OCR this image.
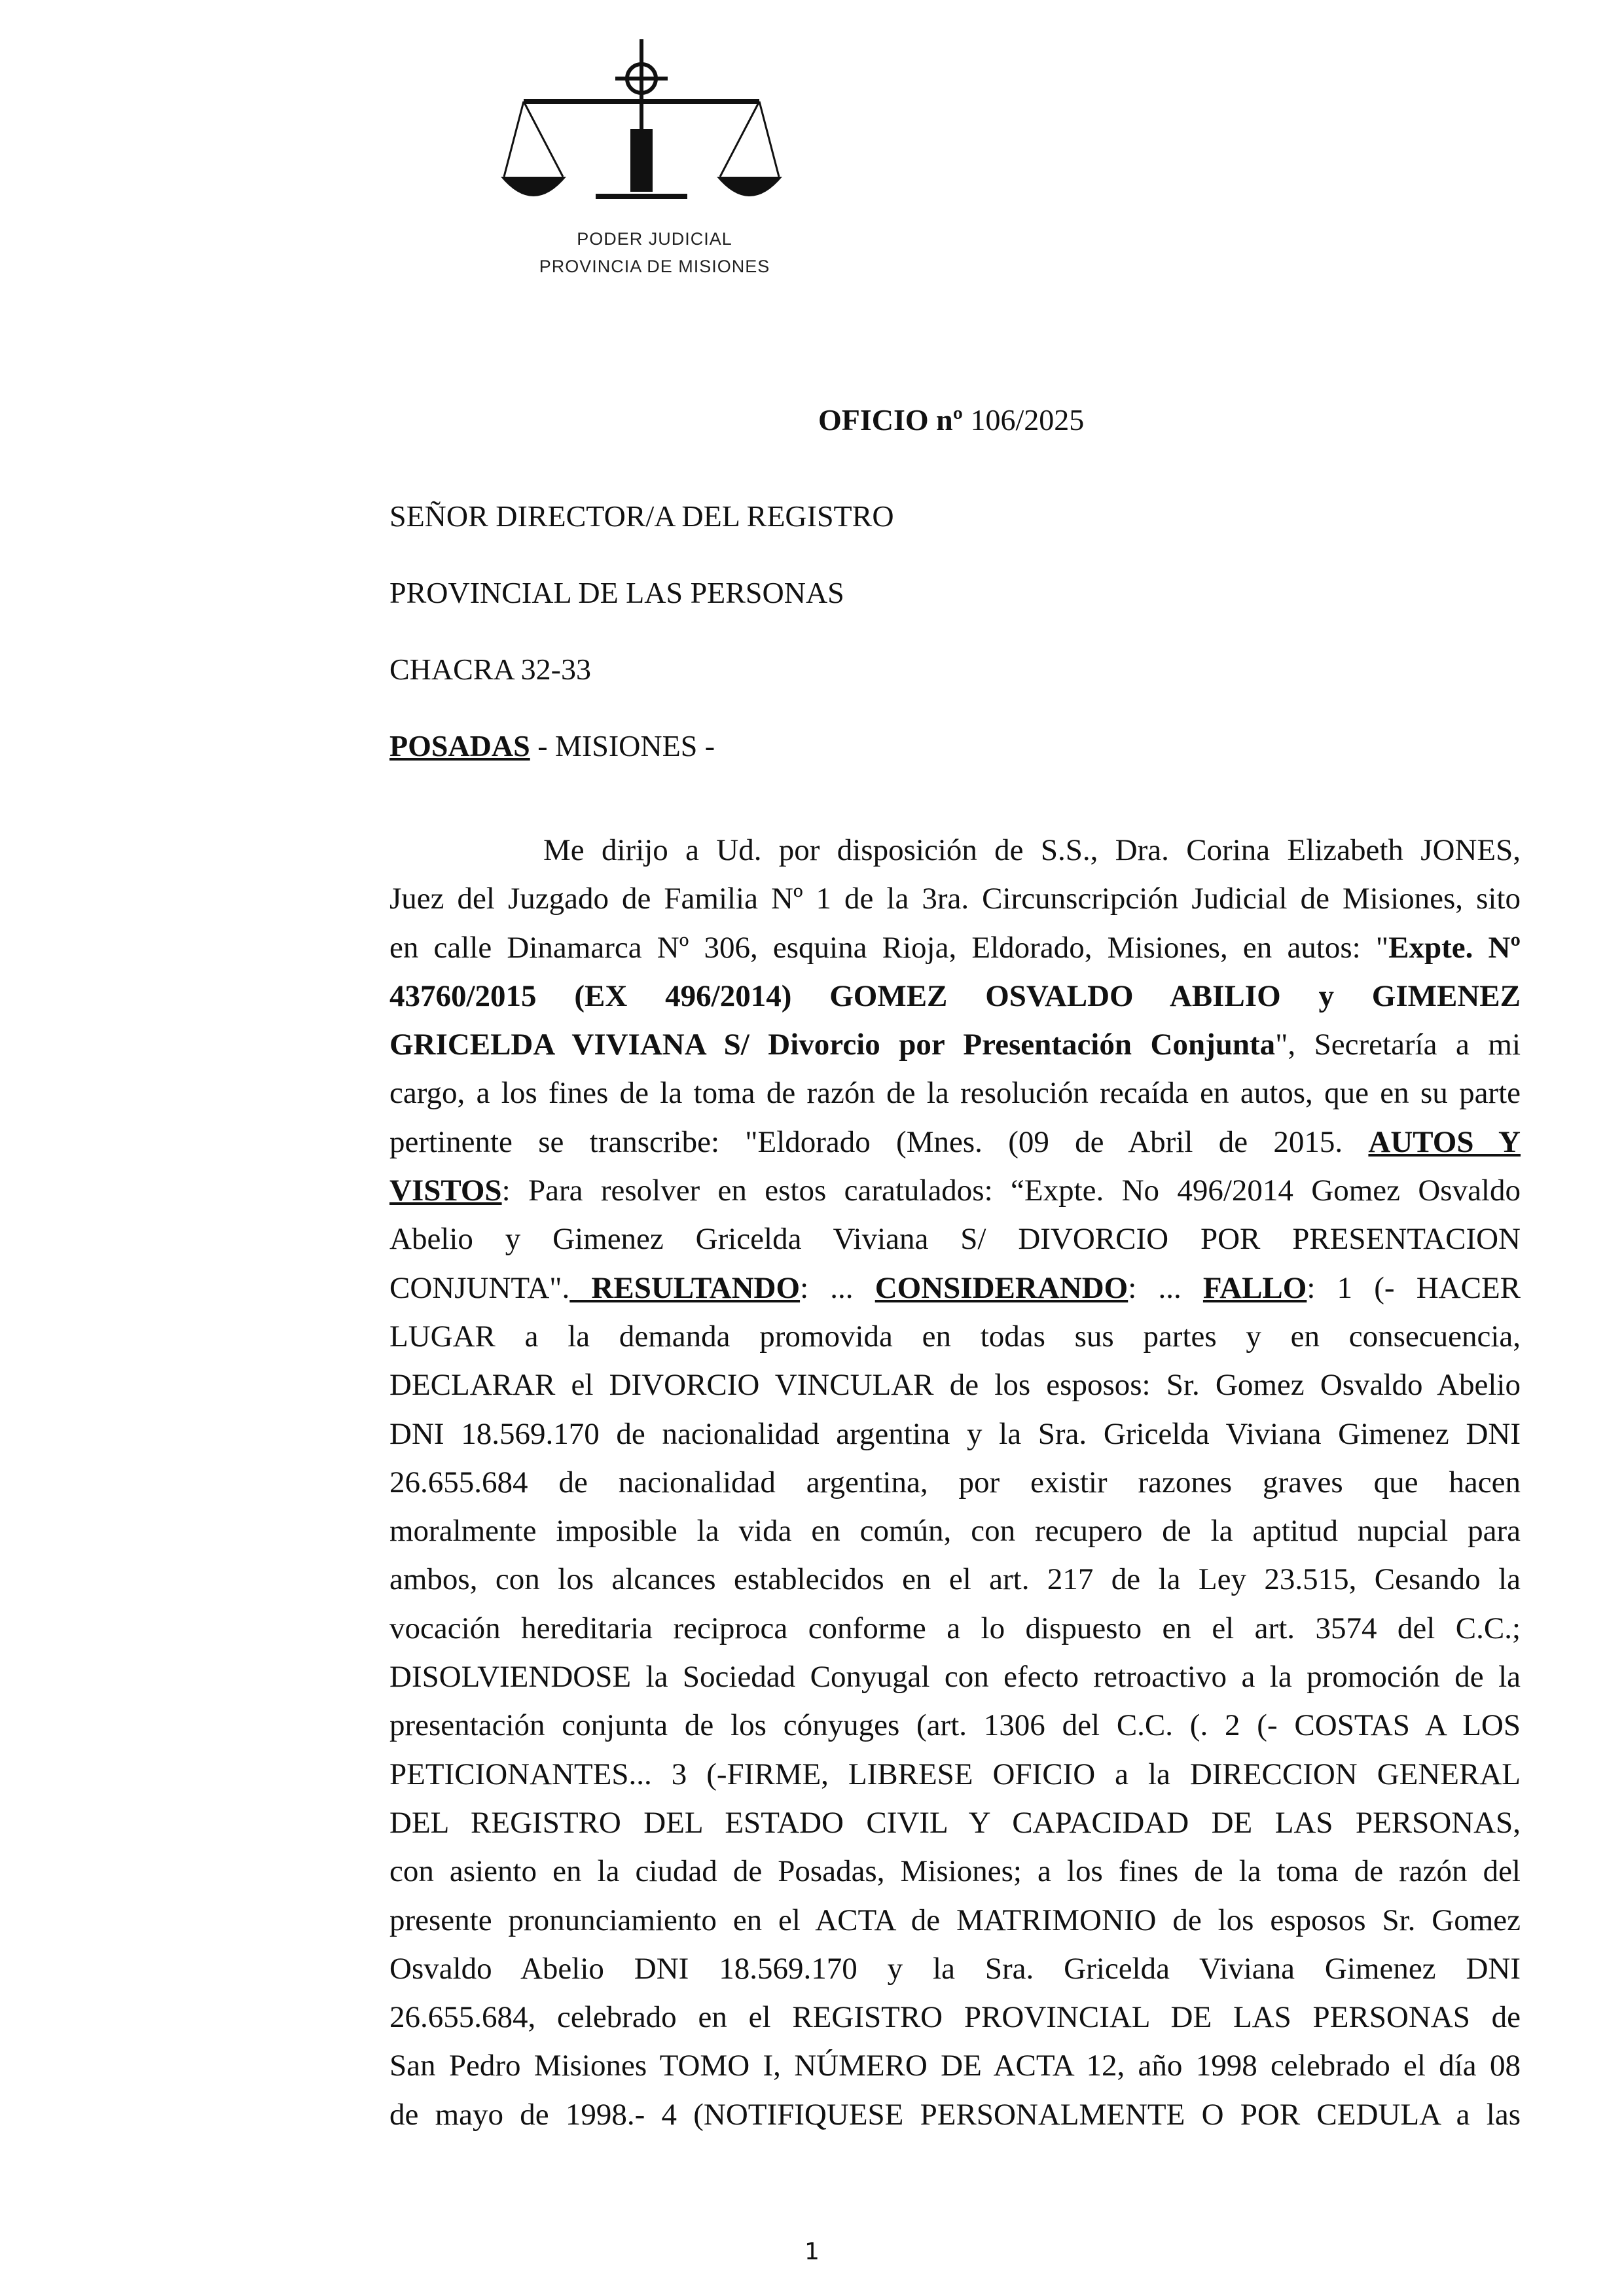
PODER JUDICIAL
PROVINCIA DE MISIONES
OFICIO nº 106/2025
SEÑOR DIRECTOR/A DEL REGISTRO
PROVINCIAL DE LAS PERSONAS
CHACRA 32-33
POSADAS - MISIONES -
Me dirijo a Ud. por disposición de S.S., Dra. Corina Elizabeth JONES,
Juez del Juzgado de Familia Nº 1 de la 3ra. Circunscripción Judicial de Misiones, sito
en calle Dinamarca Nº 306, esquina Rioja, Eldorado, Misiones, en autos: "Expte. Nº
43760/2015 (EX 496/2014) GOMEZ OSVALDO ABILIO y GIMENEZ
GRICELDA VIVIANA S/ Divorcio por Presentación Conjunta", Secretaría a mi
cargo, a los fines de la toma de razón de la resolución recaída en autos, que en su parte
pertinente se transcribe: "Eldorado (Mnes. (09 de Abril de 2015. AUTOS Y
VISTOS: Para resolver en estos caratulados: “Expte. No 496/2014 Gomez Osvaldo
Abelio y Gimenez Gricelda Viviana S/ DIVORCIO POR PRESENTACION
CONJUNTA". RESULTANDO: ... CONSIDERANDO: ... FALLO: 1 (- HACER
LUGAR a la demanda promovida en todas sus partes y en consecuencia,
DECLARAR el DIVORCIO VINCULAR de los esposos: Sr. Gomez Osvaldo Abelio
DNI 18.569.170 de nacionalidad argentina y la Sra. Gricelda Viviana Gimenez DNI
26.655.684 de nacionalidad argentina, por existir razones graves que hacen
moralmente imposible la vida en común, con recupero de la aptitud nupcial para
ambos, con los alcances establecidos en el art. 217 de la Ley 23.515, Cesando la
vocación hereditaria reciproca conforme a lo dispuesto en el art. 3574 del C.C.;
DISOLVIENDOSE la Sociedad Conyugal con efecto retroactivo a la promoción de la
presentación conjunta de los cónyuges (art. 1306 del C.C. (. 2 (- COSTAS A LOS
PETICIONANTES... 3 (-FIRME, LIBRESE OFICIO a la DIRECCION GENERAL
DEL REGISTRO DEL ESTADO CIVIL Y CAPACIDAD DE LAS PERSONAS,
con asiento en la ciudad de Posadas, Misiones; a los fines de la toma de razón del
presente pronunciamiento en el ACTA de MATRIMONIO de los esposos Sr. Gomez
Osvaldo Abelio DNI 18.569.170 y la Sra. Gricelda Viviana Gimenez DNI
26.655.684, celebrado en el REGISTRO PROVINCIAL DE LAS PERSONAS de
San Pedro Misiones TOMO I, NÚMERO DE ACTA 12, año 1998 celebrado el día 08
de mayo de 1998.- 4 (NOTIFIQUESE PERSONALMENTE O POR CEDULA a las
1
